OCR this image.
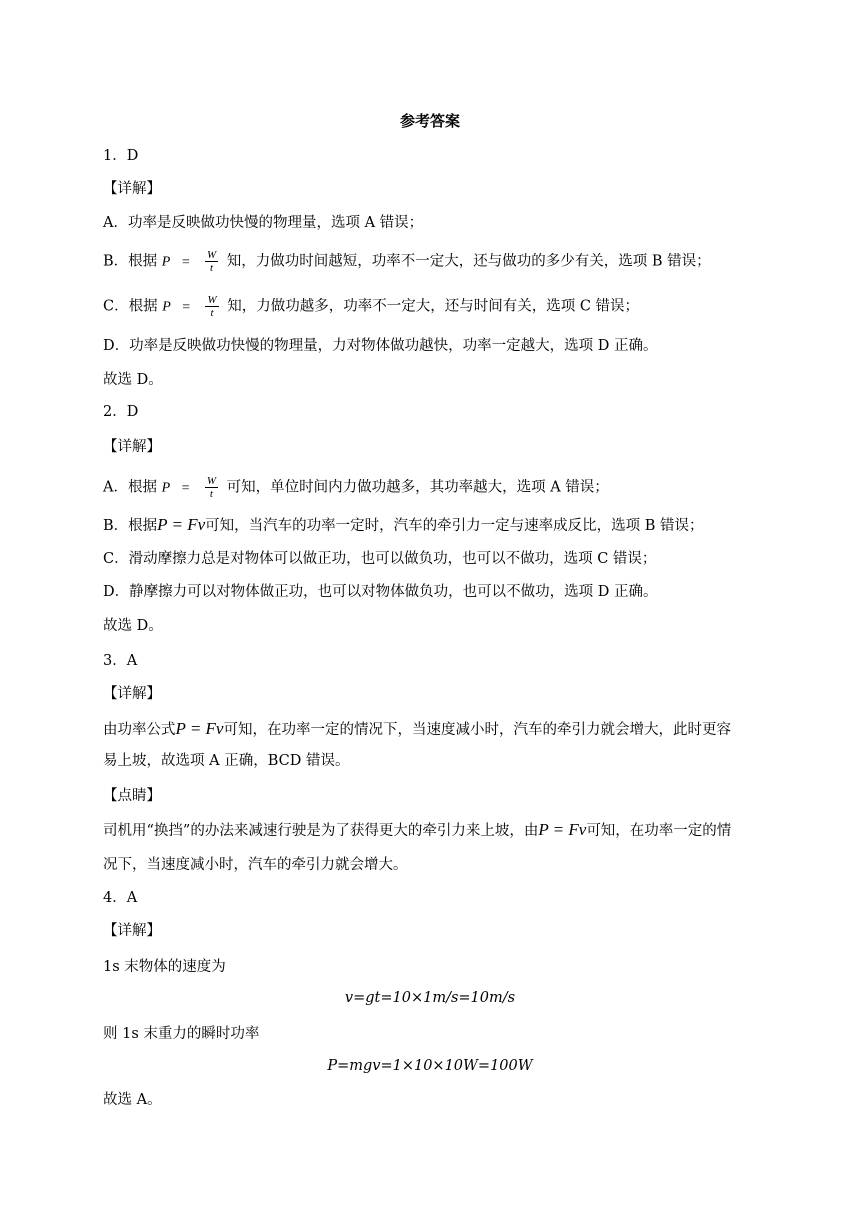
参考答案
1．D
【详解】
A．功率是反映做功快慢的物理量，选项 A 错误；
B．根据 $P = \frac{W}{t}$ 知，力做功时间越短，功率不一定大，还与做功的多少有关，选项 B 错误；
C．根据 $P = \frac{W}{t}$ 知，力做功越多，功率不一定大，还与时间有关，选项 C 错误；
D．功率是反映做功快慢的物理量，力对物体做功越快，功率一定越大，选项 D 正确。
故选 D。
2．D
【详解】
A．根据 $P = \frac{W}{t}$ 可知，单位时间内力做功越多，其功率越大，选项 A 错误；
B．根据P = Fv可知，当汽车的功率一定时，汽车的牵引力一定与速率成反比，选项 B 错误；
C．滑动摩擦力总是对物体可以做正功，也可以做负功，也可以不做功，选项 C 错误；
D．静摩擦力可以对物体做正功，也可以对物体做负功，也可以不做功，选项 D 正确。
故选 D。
3．A
【详解】
由功率公式P = Fv可知，在功率一定的情况下，当速度减小时，汽车的牵引力就会增大，此时更容
易上坡，故选项 A 正确，BCD 错误。
【点睛】
司机用“换挡”的办法来减速行驶是为了获得更大的牵引力来上坡，由P = Fv可知，在功率一定的情
况下，当速度减小时，汽车的牵引力就会增大。
4．A
【详解】
1s 末物体的速度为
v=gt=10×1m/s=10m/s
则 1s 末重力的瞬时功率
P=mgv=1×10×10W=100W
故选 A。
